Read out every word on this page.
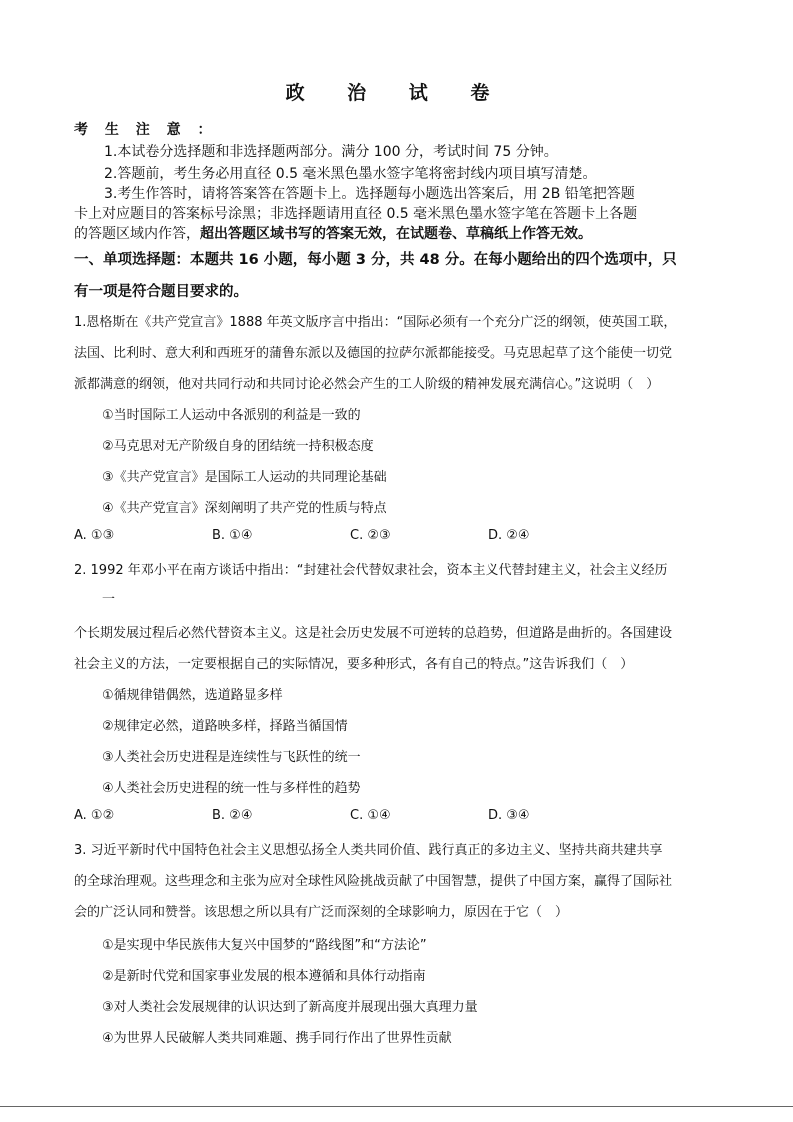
政 治 试 卷
考 生 注 意 ：
1.本试卷分选择题和非选择题两部分。满分 100 分，考试时间 75 分钟。
2.答题前，考生务必用直径 0.5 毫米黑色墨水签字笔将密封线内项目填写清楚。
3.考生作答时，请将答案答在答题卡上。选择题每小题选出答案后，用 2B 铅笔把答题
卡上对应题目的答案标号涂黑；非选择题请用直径 0.5 毫米黑色墨水签字笔在答题卡上各题
的答题区域内作答，超出答题区域书写的答案无效，在试题卷、草稿纸上作答无效。
一、单项选择题：本题共 16 小题，每小题 3 分，共 48 分。在每小题给出的四个选项中，只
有一项是符合题目要求的。
1.恩格斯在《共产党宣言》1888 年英文版序言中指出：“国际必须有一个充分广泛的纲领，使英国工联，
法国、比利时、意大利和西班牙的蒲鲁东派以及德国的拉萨尔派都能接受。马克思起草了这个能使一切党
派都满意的纲领，他对共同行动和共同讨论必然会产生的工人阶级的精神发展充满信心。”这说明（　）
①当时国际工人运动中各派别的利益是一致的
②马克思对无产阶级自身的团结统一持积极态度
③《共产党宣言》是国际工人运动的共同理论基础
④《共产党宣言》深刻阐明了共产党的性质与特点
A. ①③	B. ①④	C. ②③	D. ②④
2. 1992 年邓小平在南方谈话中指出：“封建社会代替奴隶社会，资本主义代替封建主义，社会主义经历
一
个长期发展过程后必然代替资本主义。这是社会历史发展不可逆转的总趋势，但道路是曲折的。各国建设
社会主义的方法，一定要根据自己的实际情况，要多种形式，各有自己的特点。”这告诉我们（　）
①循规律错偶然，选道路显多样
②规律定必然，道路映多样，择路当循国情
③人类社会历史进程是连续性与飞跃性的统一
④人类社会历史进程的统一性与多样性的趋势
A. ①②	B. ②④	C. ①④	D. ③④
3. 习近平新时代中国特色社会主义思想弘扬全人类共同价值、践行真正的多边主义、坚持共商共建共享
的全球治理观。这些理念和主张为应对全球性风险挑战贡献了中国智慧，提供了中国方案，赢得了国际社
会的广泛认同和赞誉。该思想之所以具有广泛而深刻的全球影响力，原因在于它（　）
①是实现中华民族伟大复兴中国梦的“路线图”和“方法论”
②是新时代党和国家事业发展的根本遵循和具体行动指南
③对人类社会发展规律的认识达到了新高度并展现出强大真理力量
④为世界人民破解人类共同难题、携手同行作出了世界性贡献
